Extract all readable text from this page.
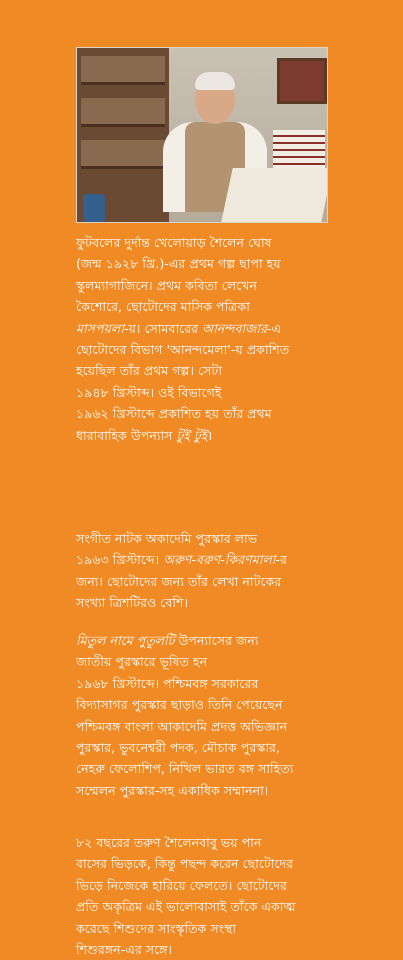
ফুটবলের দুর্দান্ত খেলোয়াড় শৈলেন ঘোষ
(জন্ম ১৯২৮ খ্রি.)-এর প্রথম গল্প ছাপা হয়
স্কুলম্যাগাজিনে। প্রথম কবিতা লেখেন
কৈশোরে, ছোটোদের মাসিক পত্রিকা
মাসপয়লা-য়। সোমবারের আনন্দবাজার-এ
ছোটোদের বিভাগ 'আনন্দমেলা'-য় প্রকাশিত
হয়েছিল তাঁর প্রথম গল্প। সেটা
১৯৪৮ খ্রিস্টাব্দ। ওই বিভাগেই
১৯৬২ খ্রিস্টাব্দে প্রকাশিত হয় তাঁর প্রথম
ধারাবাহিক উপন্যাস টুই টুই।

সংগীত নাটক অকাদেমি পুরস্কার লাভ
১৯৬৩ খ্রিস্টাব্দে। অরুণ-বরুণ-কিরণমালা-র
জন্য। ছোটোদের জন্য তাঁর লেখা নাটকের
সংখ্যা ত্রিশটিরও বেশি।

মিতুল নামে পুতুলটি উপন্যাসের জন্য
জাতীয় পুরস্কারে ভূষিত হন
১৯৬৮ খ্রিস্টাব্দে। পশ্চিমবঙ্গ সরকারের
বিদ্যাসাগর পুরস্কার ছাড়াও তিনি পেয়েছেন
পশ্চিমবঙ্গ বাংলা আকাদেমি প্রদত্ত অভিজ্ঞান
পুরস্কার, ভুবনেশ্বরী পদক, মৌচাক পুরস্কার,
নেহরু ফেলোশিপ, নিখিল ভারত বঙ্গ সাহিত্য
সম্মেলন পুরস্কার-সহ একাধিক সম্মাননা।

৮২ বছরের তরুণ শৈলেনবাবু ভয় পান
বাসের ভিড়কে, কিন্তু পছন্দ করেন ছোটোদের
ভিড়ে নিজেকে হারিয়ে ফেলতে। ছোটোদের
প্রতি অকৃত্রিম এই ভালোবাসাই তাঁকে একাত্ম
করেছে শিশুদের সাংস্কৃতিক সংস্থা
শিশুরঙ্গন-এর সঙ্গে।
